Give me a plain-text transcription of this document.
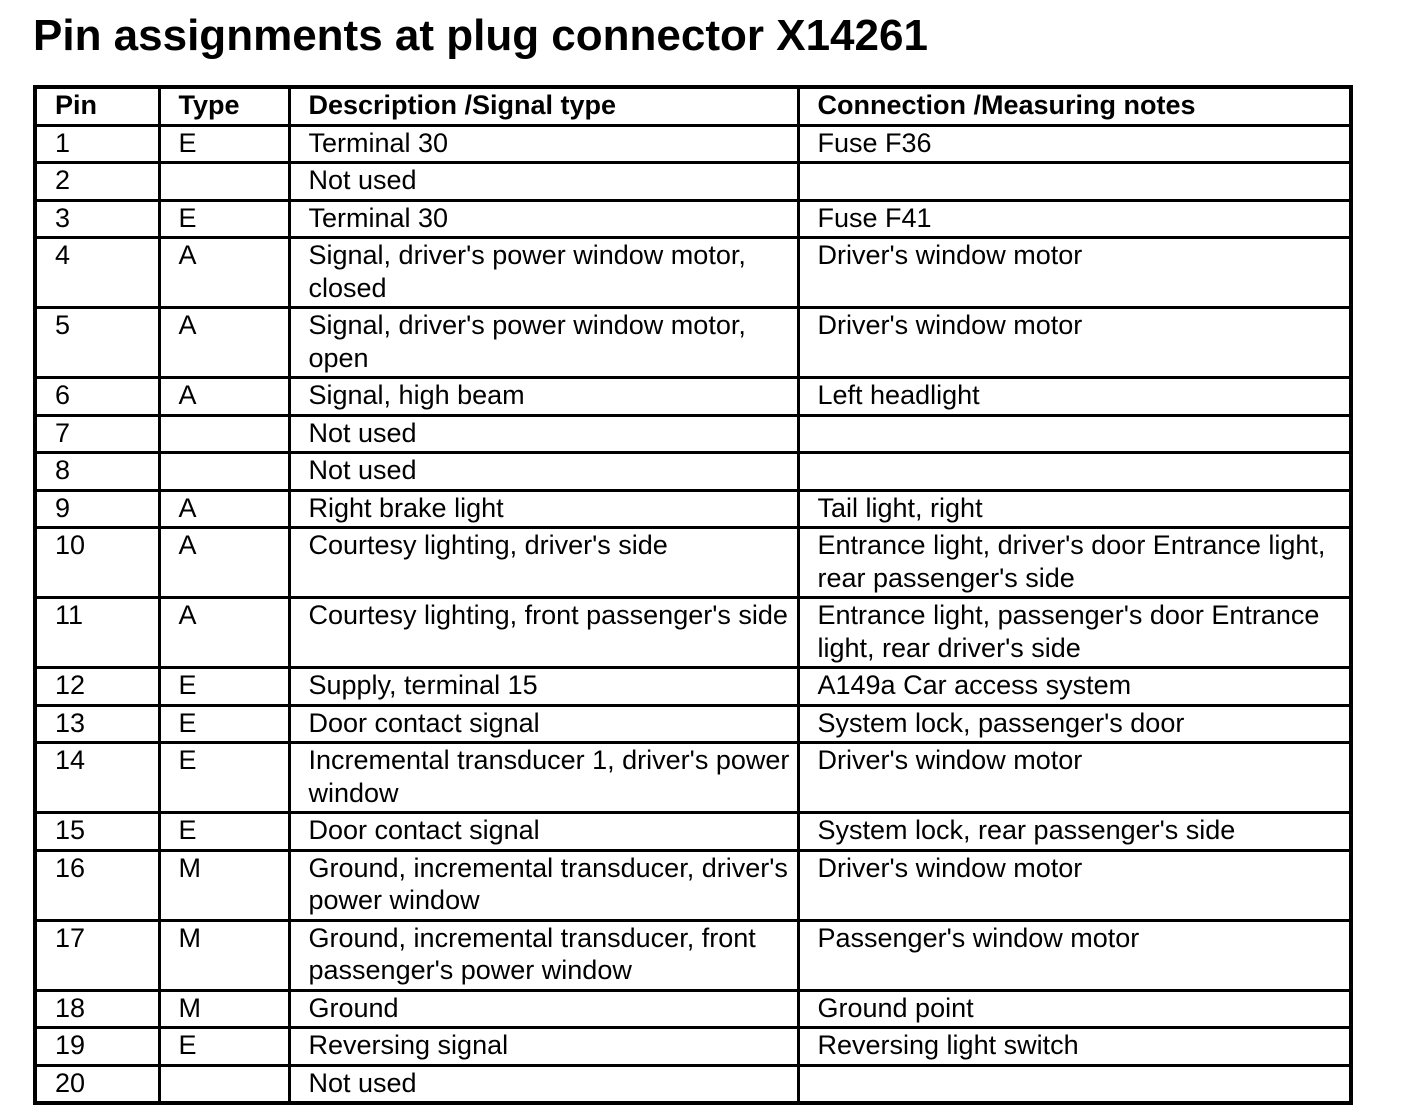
Pin assignments at plug connector X14261
Pin	Type	Description /Signal type	Connection /Measuring notes
1	E	Terminal 30	Fuse F36
2		Not used	
3	E	Terminal 30	Fuse F41
4	A	Signal, driver's power window motor, closed	Driver's window motor
5	A	Signal, driver's power window motor, open	Driver's window motor
6	A	Signal, high beam	Left headlight
7		Not used	
8		Not used	
9	A	Right brake light	Tail light, right
10	A	Courtesy lighting, driver's side	Entrance light, driver's door Entrance light, rear passenger's side
11	A	Courtesy lighting, front passenger's side	Entrance light, passenger's door Entrance light, rear driver's side
12	E	Supply, terminal 15	A149a Car access system
13	E	Door contact signal	System lock, passenger's door
14	E	Incremental transducer 1, driver's power window	Driver's window motor
15	E	Door contact signal	System lock, rear passenger's side
16	M	Ground, incremental transducer, driver's power window	Driver's window motor
17	M	Ground, incremental transducer, front passenger's power window	Passenger's window motor
18	M	Ground	Ground point
19	E	Reversing signal	Reversing light switch
20		Not used	
